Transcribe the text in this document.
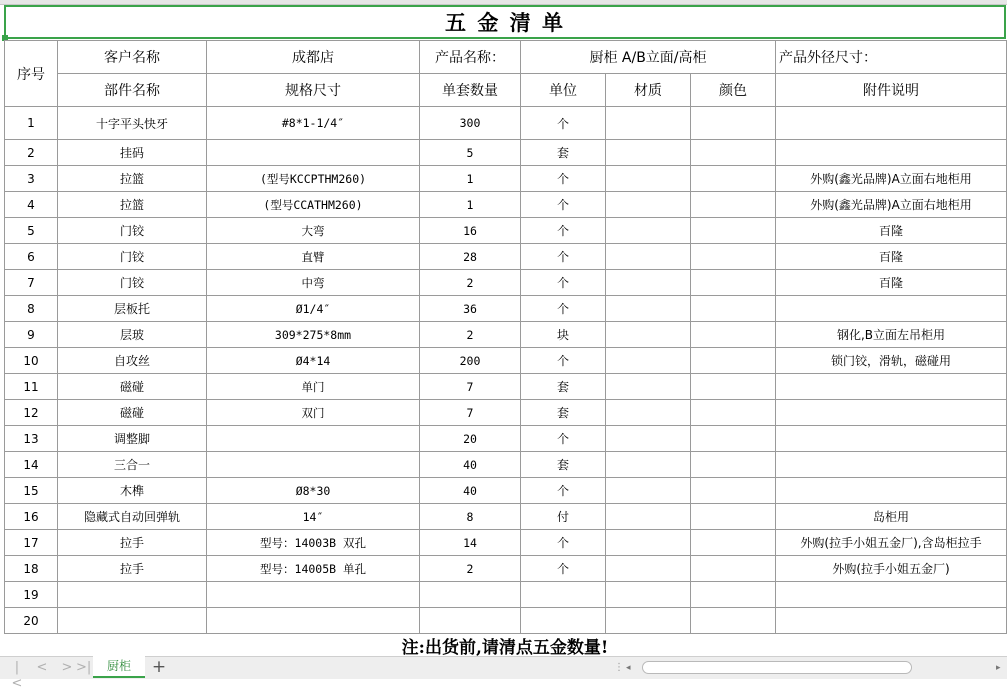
五 金 清 单
序号	客户名称	成都店	产品名称：	厨柜 A/B立面/高柜			产品外径尺寸：
	部件名称	规格尺寸	单套数量	单位	材质	颜色	附件说明
1	十字平头快牙	#8*1-1/4″	300	个			
2	挂码		5	套			
3	拉篮	(型号KCCPTHM260)	1	个			外购(鑫光品牌)A立面右地柜用
4	拉篮	(型号CCATHM260)	1	个			外购(鑫光品牌)A立面右地柜用
5	门铰	大弯	16	个			百隆
6	门铰	直臂	28	个			百隆
7	门铰	中弯	2	个			百隆
8	层板托	Ø1/4″	36	个			
9	层玻	309*275*8mm	2	块			钢化,B立面左吊柜用
10	自攻丝	Ø4*14	200	个			锁门铰，滑轨，磁碰用
11	磁碰	单门	7	套			
12	磁碰	双门	7	套			
13	调整脚		20	个			
14	三合一		40	套			
15	木榫	Ø8*30	40	个			
16	隐藏式自动回弹轨	14″	8	付			岛柜用
17	拉手	型号：14003B 双孔	14	个			外购(拉手小姐五金厂),含岛柜拉手
18	拉手	型号：14005B 单孔	2	个			外购(拉手小姐五金厂)
19							
20							
注:出货前,请清点五金数量!
|<
< > >|	厨柜	+	⋮ ◂	▸
